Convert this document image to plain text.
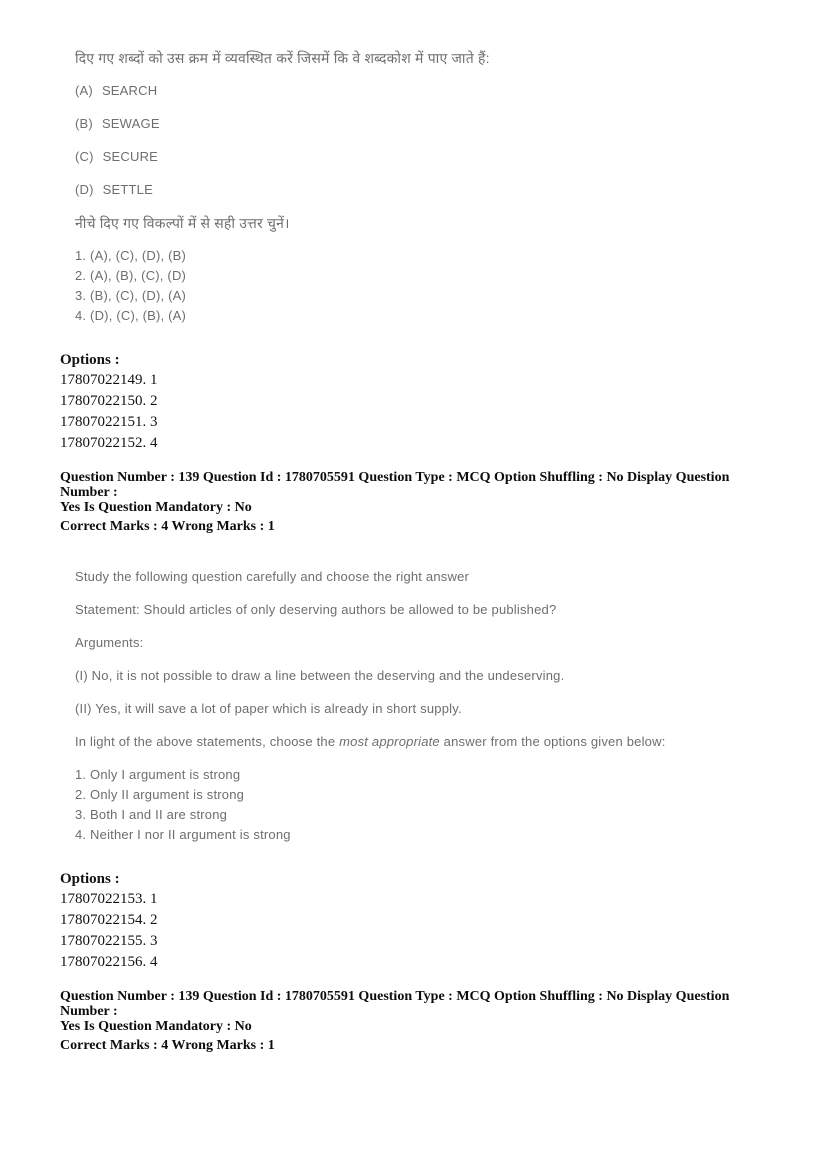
दिए गए शब्दों को उस क्रम में व्यवस्थित करें जिसमें कि वे शब्दकोश में पाए जाते हैं:

(A) SEARCH

(B) SEWAGE

(C) SECURE

(D) SETTLE

नीचे दिए गए विकल्पों में से सही उत्तर चुनें।

1. (A), (C), (D), (B)
2. (A), (B), (C), (D)
3. (B), (C), (D), (A)
4. (D), (C), (B), (A)
Options :
17807022149. 1
17807022150. 2
17807022151. 3
17807022152. 4
Question Number : 139 Question Id : 1780705591 Question Type : MCQ Option Shuffling : No Display Question Number :
Yes Is Question Mandatory : No
Correct Marks : 4 Wrong Marks : 1

Study the following question carefully and choose the right answer

Statement: Should articles of only deserving authors be allowed to be published?

Arguments:

(I) No, it is not possible to draw a line between the deserving and the undeserving.

(II) Yes, it will save a lot of paper which is already in short supply.

In light of the above statements, choose the most appropriate answer from the options given below:

1. Only I argument is strong
2. Only II argument is strong
3. Both I and II are strong
4. Neither I nor II argument is strong
Options :
17807022153. 1
17807022154. 2
17807022155. 3
17807022156. 4
Question Number : 139 Question Id : 1780705591 Question Type : MCQ Option Shuffling : No Display Question Number :
Yes Is Question Mandatory : No
Correct Marks : 4 Wrong Marks : 1
